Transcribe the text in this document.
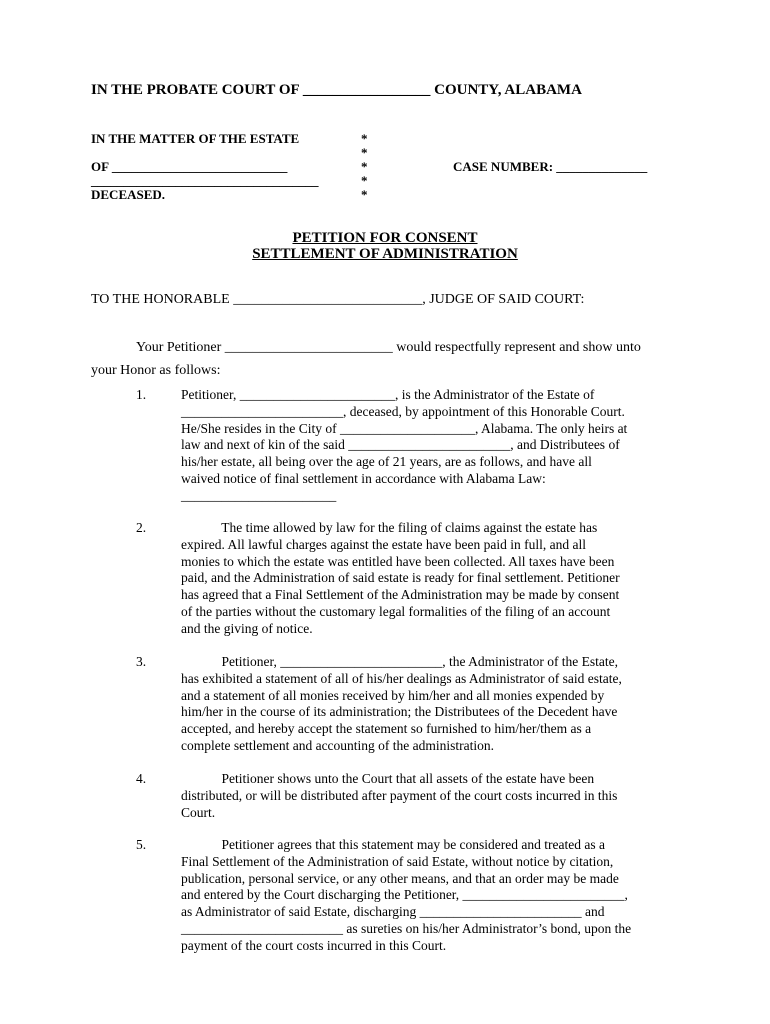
IN THE PROBATE COURT OF _________________ COUNTY, ALABAMA
IN THE MATTER OF THE ESTATE
OF ___________________________
___________________________________
DECEASED.
*
*
*
*
*
CASE NUMBER: ______________
PETITION FOR CONSENT
SETTLEMENT OF ADMINISTRATION
TO THE HONORABLE ___________________________, JUDGE OF SAID COURT:
Your Petitioner ________________________ would respectfully represent and show unto
your Honor as follows:
1.	Petitioner, _______________________, is the Administrator of the Estate of

________________________, deceased, by appointment of this Honorable Court.

He/She resides in the City of ____________________, Alabama. The only heirs at

law and next of kin of the said ________________________, and Distributees of

his/her estate, all being over the age of 21 years, are as follows, and have all

waived notice of final settlement in accordance with Alabama Law:

_______________________

2.	The time allowed by law for the filing of claims against the estate has

expired. All lawful charges against the estate have been paid in full, and all

monies to which the estate was entitled have been collected. All taxes have been

paid, and the Administration of said estate is ready for final settlement. Petitioner

has agreed that a Final Settlement of the Administration may be made by consent

of the parties without the customary legal formalities of the filing of an account

and the giving of notice.

3.	Petitioner, ________________________, the Administrator of the Estate,

has exhibited a statement of all of his/her dealings as Administrator of said estate,

and a statement of all monies received by him/her and all monies expended by

him/her in the course of its administration; the Distributees of the Decedent have

accepted, and hereby accept the statement so furnished to him/her/them as a

complete settlement and accounting of the administration.

4.	Petitioner shows unto the Court that all assets of the estate have been

distributed, or will be distributed after payment of the court costs incurred in this

Court.

5.	Petitioner agrees that this statement may be considered and treated as a

Final Settlement of the Administration of said Estate, without notice by citation,

publication, personal service, or any other means, and that an order may be made

and entered by the Court discharging the Petitioner, ________________________,

as Administrator of said Estate, discharging ________________________ and

________________________ as sureties on his/her Administrator’s bond, upon the

payment of the court costs incurred in this Court.
